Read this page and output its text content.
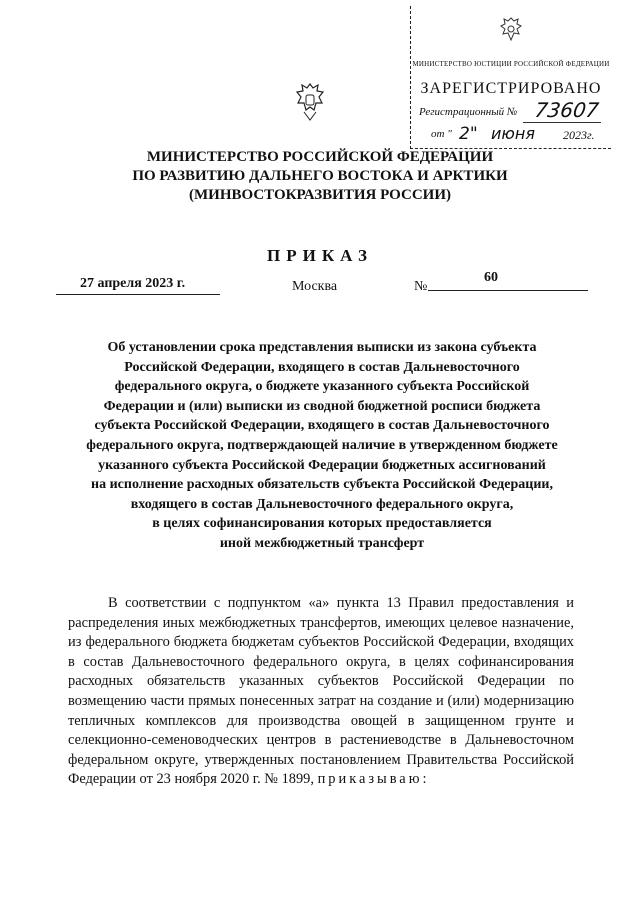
МИНИСТЕРСТВО ЮСТИЦИИ РОССИЙСКОЙ ФЕДЕРАЦИИ
ЗАРЕГИСТРИРОВАНО
Регистрационный № 73607
от " 2" июня 2023г.
МИНИСТЕРСТВО РОССИЙСКОЙ ФЕДЕРАЦИИ
ПО РАЗВИТИЮ ДАЛЬНЕГО ВОСТОКА И АРКТИКИ
(МИНВОСТОКРАЗВИТИЯ РОССИИ)
ПРИКАЗ
27 апреля 2023 г.	Москва	№
60
Об установлении срока представления выписки из закона субъекта
Российской Федерации, входящего в состав Дальневосточного
федерального округа, о бюджете указанного субъекта Российской
Федерации и (или) выписки из сводной бюджетной росписи бюджета
субъекта Российской Федерации, входящего в состав Дальневосточного
федерального округа, подтверждающей наличие в утвержденном бюджете
указанного субъекта Российской Федерации бюджетных ассигнований
на исполнение расходных обязательств субъекта Российской Федерации,
входящего в состав Дальневосточного федерального округа,
в целях софинансирования которых предоставляется
иной межбюджетный трансферт
В соответствии с подпунктом «а» пункта 13 Правил предоставления и распределения иных межбюджетных трансфертов, имеющих целевое назначение, из федерального бюджета бюджетам субъектов Российской Федерации, входящих в состав Дальневосточного федерального округа, в целях софинансирования расходных обязательств указанных субъектов Российской Федерации по возмещению части прямых понесенных затрат на создание и (или) модернизацию тепличных комплексов для производства овощей в защищенном грунте и селекционно-семеноводческих центров в растениеводстве в Дальневосточном федеральном округе, утвержденных постановлением Правительства Российской Федерации от 23 ноября 2020 г. № 1899, приказываю:
